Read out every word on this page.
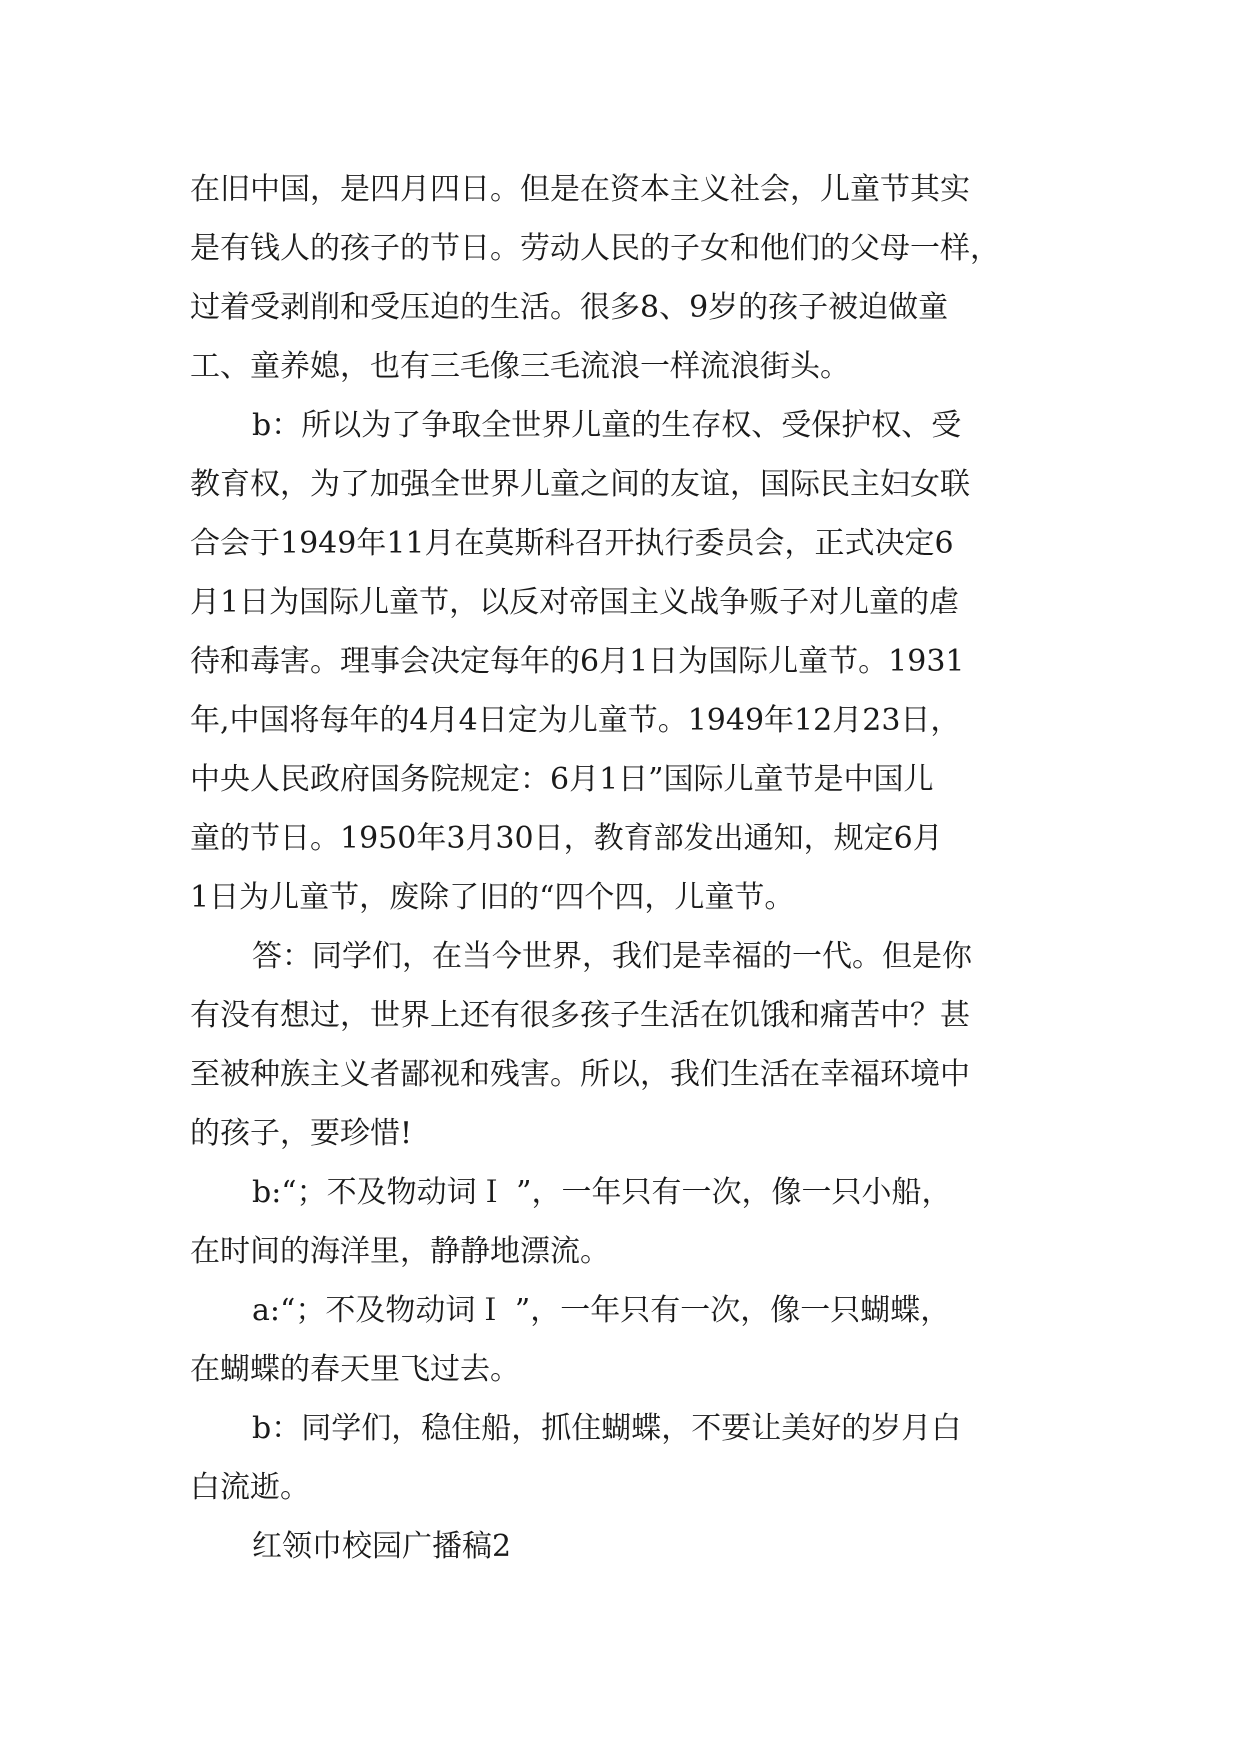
在旧中国，是四月四日。但是在资本主义社会，儿童节其实
是有钱人的孩子的节日。劳动人民的子女和他们的父母一样，
过着受剥削和受压迫的生活。很多8、9岁的孩子被迫做童
工、童养媳，也有三毛像三毛流浪一样流浪街头。
b：所以为了争取全世界儿童的生存权、受保护权、受
教育权，为了加强全世界儿童之间的友谊，国际民主妇女联
合会于1949年11月在莫斯科召开执行委员会，正式决定6
月1日为国际儿童节，以反对帝国主义战争贩子对儿童的虐
待和毒害。理事会决定每年的6月1日为国际儿童节。1931
年,中国将每年的4月4日定为儿童节。1949年12月23日，
中央人民政府国务院规定：6月1日”国际儿童节是中国儿
童的节日。1950年3月30日，教育部发出通知，规定6月
1日为儿童节，废除了旧的“四个四，儿童节。
答：同学们，在当今世界，我们是幸福的一代。但是你
有没有想过，世界上还有很多孩子生活在饥饿和痛苦中？甚
至被种族主义者鄙视和残害。所以，我们生活在幸福环境中
的孩子，要珍惜!
b:“；不及物动词Ｉ ”，一年只有一次，像一只小船，
在时间的海洋里，静静地漂流。
a:“；不及物动词Ｉ ”，一年只有一次，像一只蝴蝶，
在蝴蝶的春天里飞过去。
b：同学们，稳住船，抓住蝴蝶，不要让美好的岁月白
白流逝。
红领巾校园广播稿2
